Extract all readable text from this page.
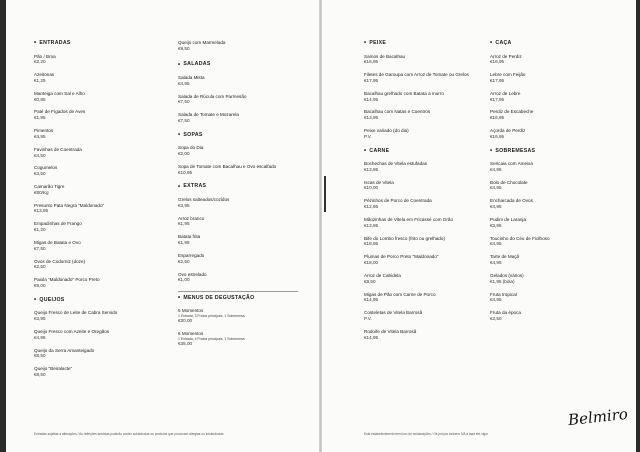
• ENTRADAS
Pão / Broa
€2,20
Azeitonas
€1,25
Manteiga com Sal e Alho
€0,85
Paté de Fígados de Aves
€1,95
Pimentos
€4,95
Favinhas de Coentrada
€4,50
Cogumelos
€3,50
Camarão Tigre
€80/Kg
Presunto Pata Negra "Maldonado"
€13,95
Empadinhas de Frango
€1,20
Migas de Batata e Ovo
€7,50
Ovos de Codorniz (doze)
€2,50
Paiola "Maldonado" Porco Preto
€9,00
• QUEIJOS
Queijo Fresco de Leite de Cabra Servido
€3,95
Queijo Fresco com Azeite e Oregãos
€4,95
Queijo da Serra Amanteigado
€8,50
Queijo "Beiralacte"
€8,50
Queijo com Marmelada
€9,50
• SALADAS
Salada Mista
€4,95
Salada de Rúcula com Parmesão
€7,50
Salada de Tomate e Mozarela
€7,50
• SOPAS
Sopa do Dia
€2,00
Sopa de Tomate com Bacalhau e Ovo escalfado
€10,95
• EXTRAS
Grelos salteados/cozidos
€3,95
Arroz branco
€1,95
Batata frita
€1,95
Esparregado
€2,50
Ovo estrelado
€1,00
• MENUS DE DEGUSTAÇÃO
5 Momentos
1 Entrada, 3 Pratos principais, 1 Sobremesa
€30,00
6 Momentos
1 Entrada, 4 Pratos principais, 1 Sobremesa
€35,00
Entradas sujeitas a alterações / As refeições servidas poderão conter substâncias ou produtos que provocam alergias ou intolerâncias
• PEIXE
Samos de Bacalhau
€16,95
Filetes de Garoupa com Arroz de Tomate ou Grelos
€17,95
Bacalhau grelhado com Batata a murro
€14,95
Bacalhau com Natas e Coentros
€13,95
Peixe variado (do dia)
P.V.
• CARNE
Bochechas de Vitela estufadas
€13,95
Iscas de Vitela
€10,00
Pézinhos de Porco de Coentrada
€12,95
Mãozinhas de Vitela em Fricassé com Grão
€13,95
Bife do Lombo fresco (frito ou grelhado)
€18,95
Plumas de Porco Preto "Maldonado"
€18,00
Arroz de Cabidela
€8,50
Migas de Pão com Carne de Porco
€14,95
Costeletas de Vitela Barrosã
P.V.
Rodoife de Vitela Barrosã
€14,95
• CAÇA
Arroz de Perdiz
€16,95
Lebre com Feijão
€17,95
Arroz de Lebre
€17,95
Perdiz de Escabeche
€16,95
Açorda de Perdiz
€16,95
• SOBREMESAS
Sericaia com Ameixa
€4,95
Bolo de Chocolate
€4,95
Encharcada de Ovos
€4,95
Pudim de Laranja
€3,95
Toucinho do Céu de Fiolhoso
€4,95
Tarte de Maçã
€4,95
Gelados (vários)
€1,95 (bola)
Fruta tropical
€4,95
Fruta da época
€2,50
Este estabelecimento tem livro de reclamações / Os preços incluem IVA à taxa em vigor
Belmiro
